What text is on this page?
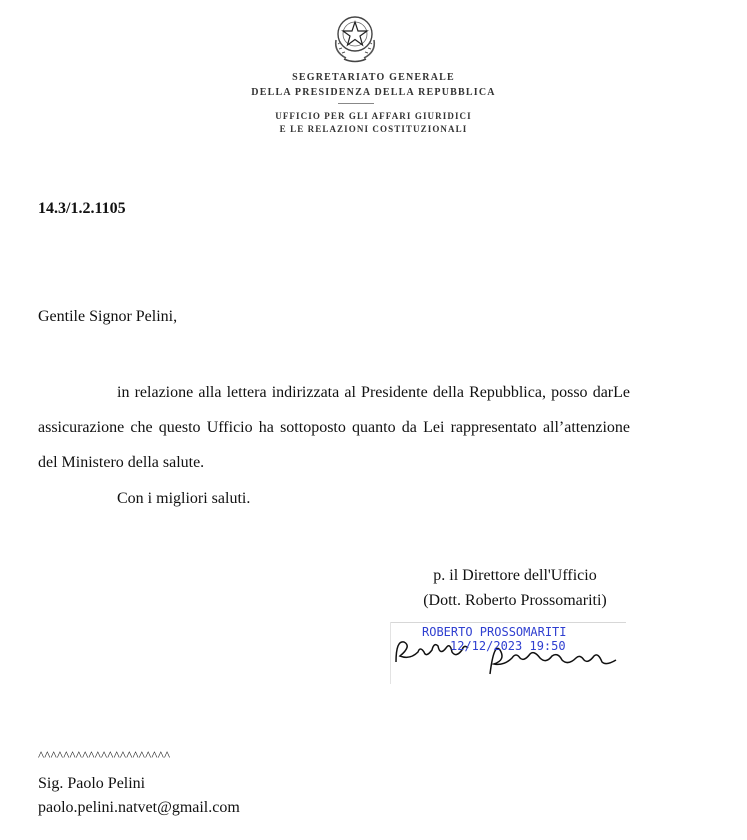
SEGRETARIATO GENERALE
DELLA PRESIDENZA DELLA REPUBBLICA
UFFICIO PER GLI AFFARI GIURIDICI
E LE RELAZIONI COSTITUZIONALI
14.3/1.2.1105
Gentile Signor Pelini,

in relazione alla lettera indirizzata al Presidente della Repubblica, posso darLe assicurazione che questo Ufficio ha sottoposto quanto da Lei rappresentato all’attenzione del Ministero della salute.

Con i migliori saluti.
p. il Direttore dell'Ufficio
(Dott. Roberto Prossomariti)
ROBERTO PROSSOMARITI
12/12/2023 19:50
^^^^^^^^^^^^^^^^^^^^^
Sig. Paolo Pelini
paolo.pelini.natvet@gmail.com
